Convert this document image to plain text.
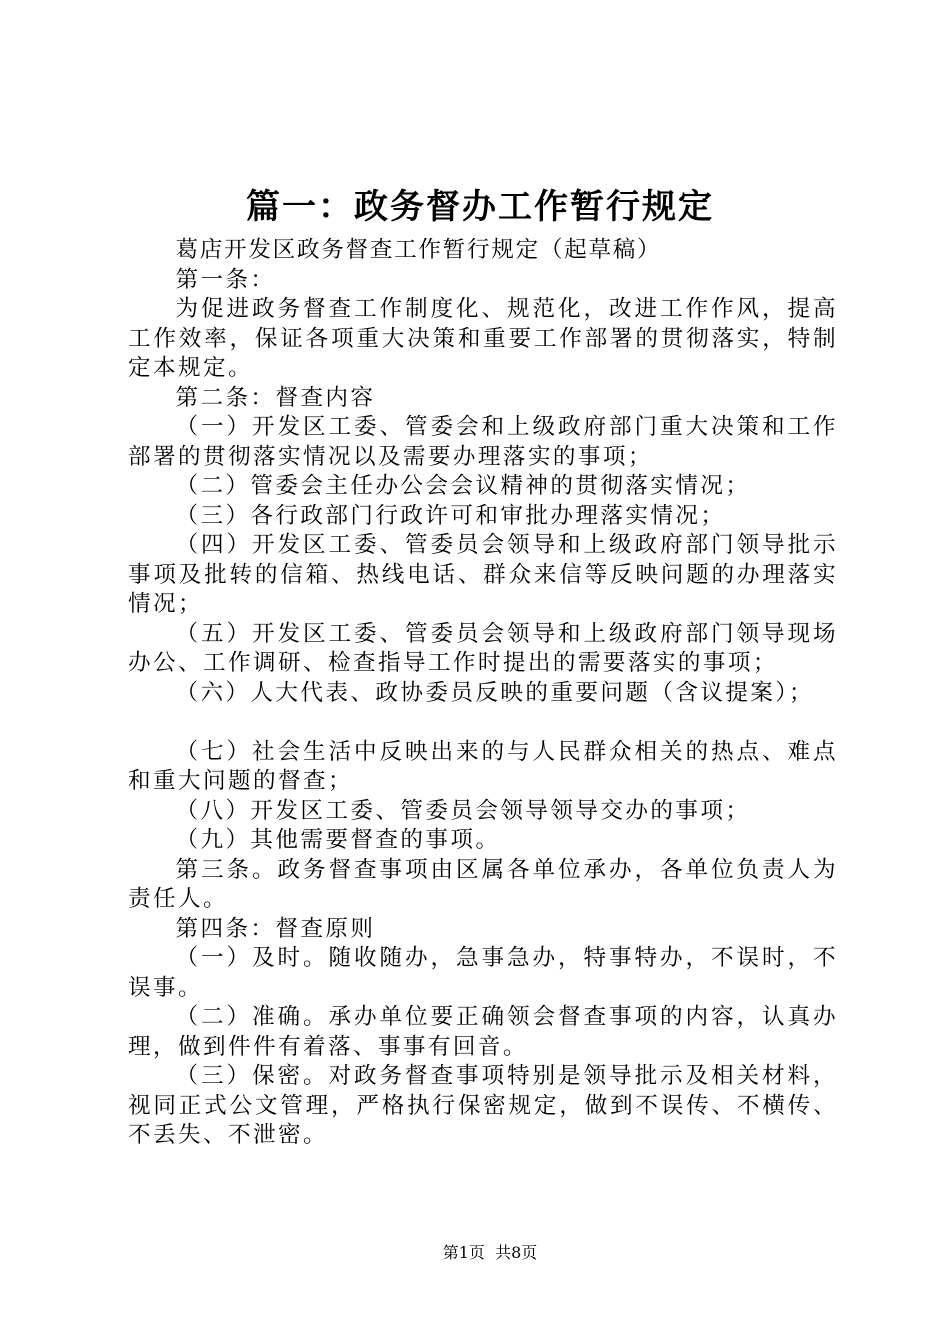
篇一：政务督办工作暂行规定

葛店开发区政务督查工作暂行规定（起草稿）

第一条：

为促进政务督查工作制度化、规范化，改进工作作风，提高工作效率，保证各项重大决策和重要工作部署的贯彻落实，特制定本规定。

第二条：督查内容

（一）开发区工委、管委会和上级政府部门重大决策和工作部署的贯彻落实情况以及需要办理落实的事项；

（二）管委会主任办公会会议精神的贯彻落实情况；

（三）各行政部门行政许可和审批办理落实情况；

（四）开发区工委、管委员会领导和上级政府部门领导批示事项及批转的信箱、热线电话、群众来信等反映问题的办理落实情况；

（五）开发区工委、管委员会领导和上级政府部门领导现场办公、工作调研、检查指导工作时提出的需要落实的事项；

（六）人大代表、政协委员反映的重要问题（含议提案）；

（七）社会生活中反映出来的与人民群众相关的热点、难点和重大问题的督查；

（八）开发区工委、管委员会领导领导交办的事项；

（九）其他需要督查的事项。

第三条。政务督查事项由区属各单位承办，各单位负责人为责任人。

第四条：督查原则

（一）及时。随收随办，急事急办，特事特办，不误时，不误事。

（二）准确。承办单位要正确领会督查事项的内容，认真办理，做到件件有着落、事事有回音。

（三）保密。对政务督查事项特别是领导批示及相关材料，视同正式公文管理，严格执行保密规定，做到不误传、不横传、不丢失、不泄密。

第1页  共8页
